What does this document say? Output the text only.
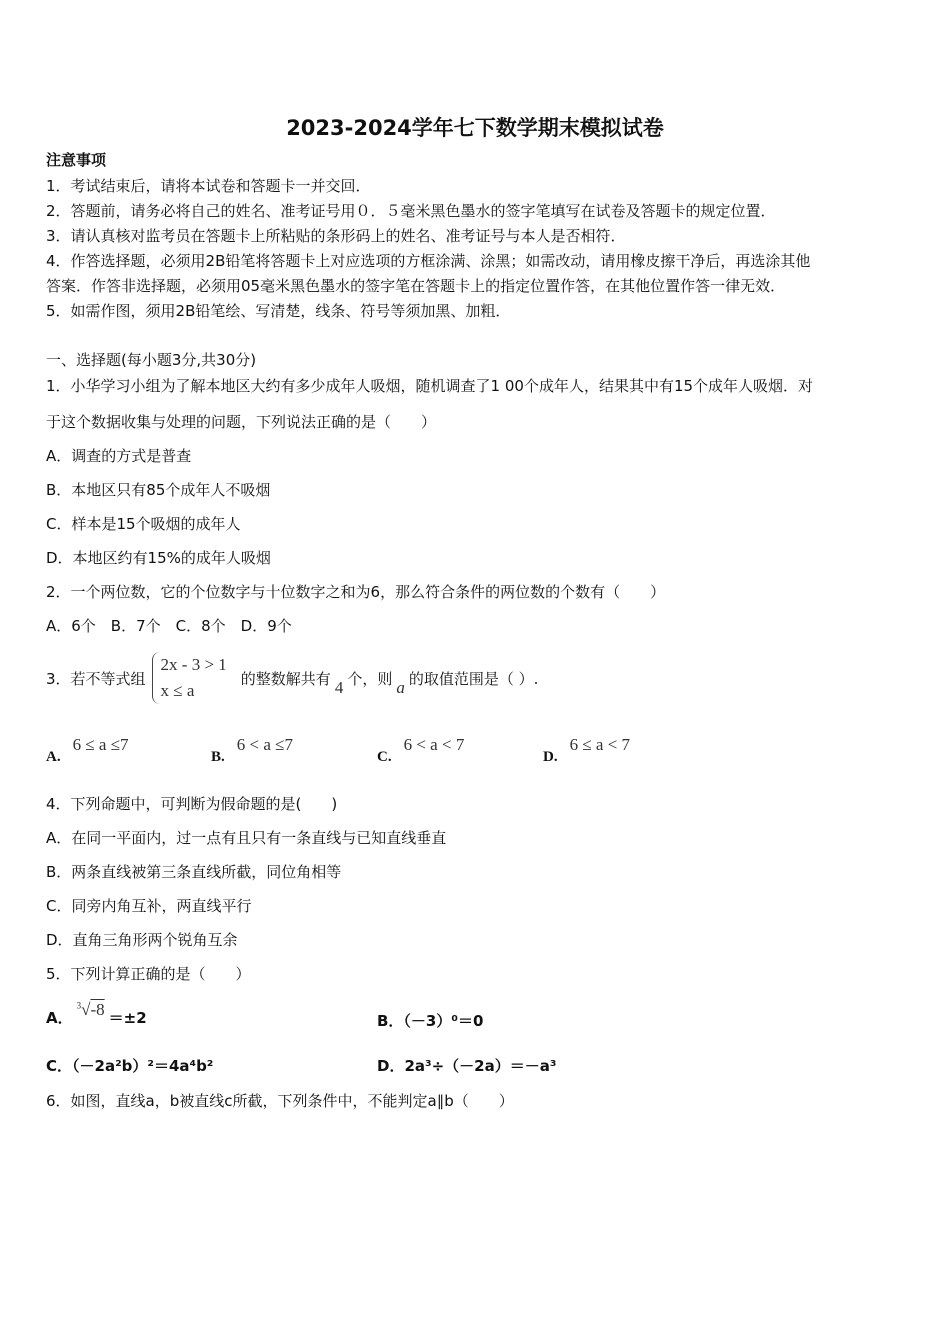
2023-2024学年七下数学期末模拟试卷
注意事项
1．考试结束后，请将本试卷和答题卡一并交回．
2．答题前，请务必将自己的姓名、准考证号用０．５毫米黑色墨水的签字笔填写在试卷及答题卡的规定位置．
3．请认真核对监考员在答题卡上所粘贴的条形码上的姓名、准考证号与本人是否相符．
4．作答选择题，必须用2B铅笔将答题卡上对应选项的方框涂满、涂黑；如需改动，请用橡皮擦干净后，再选涂其他
答案．作答非选择题，必须用05毫米黑色墨水的签字笔在答题卡上的指定位置作答，在其他位置作答一律无效．
5．如需作图，须用2B铅笔绘、写清楚，线条、符号等须加黑、加粗．
一、选择题(每小题3分,共30分)
1．小华学习小组为了解本地区大约有多少成年人吸烟，随机调查了1 00个成年人，结果其中有15个成年人吸烟．对
于这个数据收集与处理的问题，下列说法正确的是（　　）
A．调查的方式是普查
B．本地区只有85个成年人不吸烟
C．样本是15个吸烟的成年人
D．本地区约有15%的成年人吸烟
2．一个两位数，它的个位数字与十位数字之和为6，那么符合条件的两位数的个数有（　　）
A．6个　B．7个　C．8个　D．9个
3．若不等式组
2x - 3 > 1
x ≤ a
的整数解共有 4 个，则 a 的取值范围是（ ）.
A.6 ≤ a ≤7
B.6 < a ≤7
C.6 < a < 7
D.6 ≤ a < 7
4．下列命题中，可判断为假命题的是(　　)
A．在同一平面内，过一点有且只有一条直线与已知直线垂直
B．两条直线被第三条直线所截，同位角相等
C．同旁内角互补，两直线平行
D．直角三角形两个锐角互余
5．下列计算正确的是（　　）
A．
$^3$√-8 ＝±2	B．（－3）⁰＝0
C．（－2a²b）²＝4a⁴b²	D．2a³÷（－2a）＝－a³
6．如图，直线a，b被直线c所截，下列条件中，不能判定a∥b（　　）
